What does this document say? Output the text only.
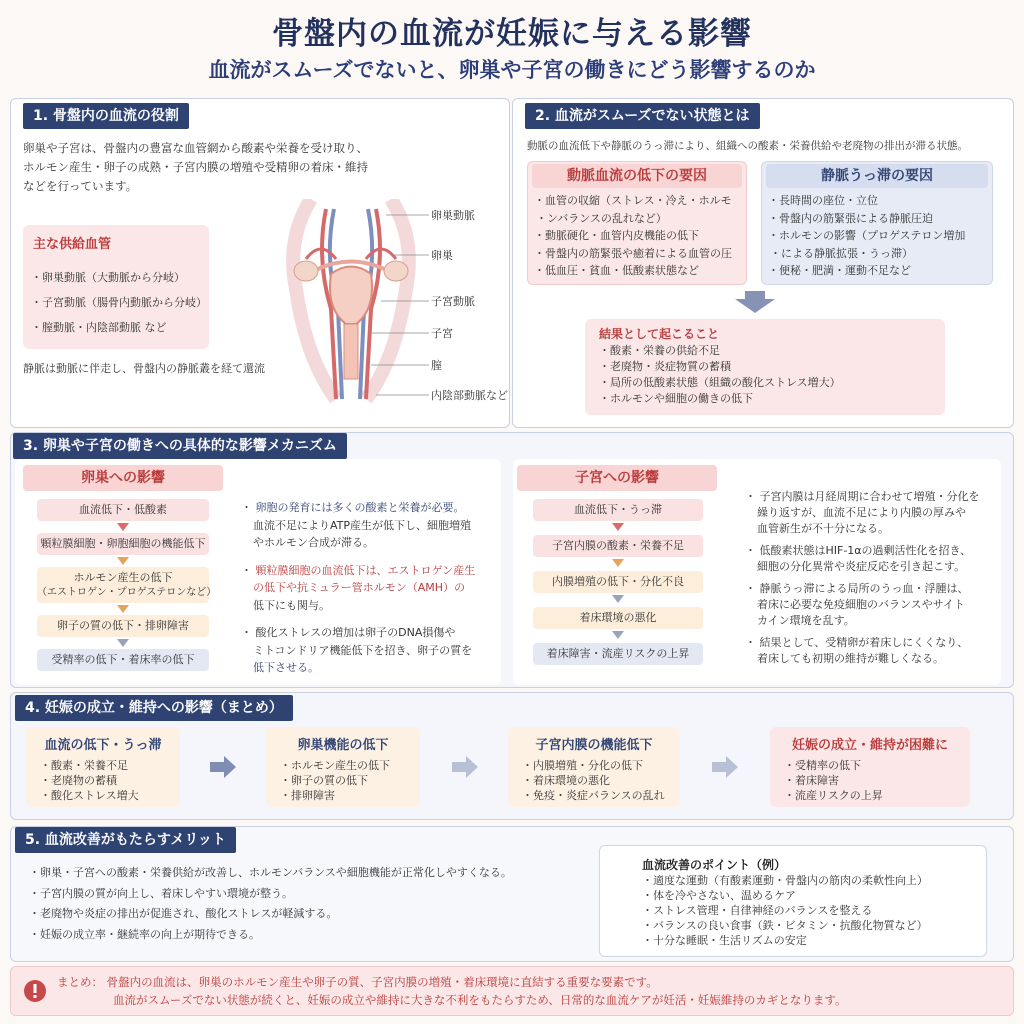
骨盤内の血流が妊娠に与える影響
血流がスムーズでないと、卵巣や子宮の働きにどう影響するのか
1. 骨盤内の血流の役割
卵巣や子宮は、骨盤内の豊富な血管網から酸素や栄養を受け取り、
ホルモン産生・卵子の成熟・子宮内膜の増殖や受精卵の着床・維持
などを行っています。
主な供給血管
・ 卵巣動脈（大動脈から分岐）
・ 子宮動脈（腸骨内動脈から分岐）
・ 膣動脈・内陰部動脈 など
静脈は動脈に伴走し、骨盤内の静脈叢を経て還流
卵巣動脈
卵巣
子宮動脈
子宮
膣
内陰部動脈など
2. 血流がスムーズでない状態とは
動脈の血流低下や静脈のうっ滞により、組織への酸素・栄養供給や老廃物の排出が滞る状態。
動脈血流の低下の要因
・ 血管の収縮（ストレス・冷え・ホルモ
・ ンバランスの乱れなど）
・ 動脈硬化・血管内皮機能の低下
・ 骨盤内の筋緊張や癒着による血管の圧
・ 低血圧・貧血・低酸素状態など
静脈うっ滞の要因
・ 長時間の座位・立位
・ 骨盤内の筋緊張による静脈圧迫
・ ホルモンの影響（プロゲステロン増加
・ による静脈拡張・うっ滞）
・ 便秘・肥満・運動不足など
結果として起こること
・ 酸素・栄養の供給不足
・ 老廃物・炎症物質の蓄積
・ 局所の低酸素状態（組織の酸化ストレス増大）
・ ホルモンや細胞の働きの低下
3. 卵巣や子宮の働きへの具体的な影響メカニズム
卵巣への影響
血流低下・低酸素
顆粒膜細胞・卵胞細胞の機能低下
ホルモン産生の低下
（エストロゲン・プロゲステロンなど）
卵子の質の低下・排卵障害
受精率の低下・着床率の低下
・ 卵胞の発育には多くの酸素と栄養が必要。
血流不足によりATP産生が低下し、細胞増殖
やホルモン合成が滞る。
・ 顆粒膜細胞の血流低下は、エストロゲン産生
の低下や抗ミュラー管ホルモン（AMH）の
低下にも関与。
・ 酸化ストレスの増加は卵子のDNA損傷や
ミトコンドリア機能低下を招き、卵子の質を
低下させる。
子宮への影響
血流低下・うっ滞
子宮内膜の酸素・栄養不足
内膜増殖の低下・分化不良
着床環境の悪化
着床障害・流産リスクの上昇
・ 子宮内膜は月経周期に合わせて増殖・分化を
繰り返すが、血流不足により内膜の厚みや
血管新生が不十分になる。
・ 低酸素状態はHIF-1αの過剰活性化を招き、
細胞の分化異常や炎症反応を引き起こす。
・ 静脈うっ滞による局所のうっ血・浮腫は、
着床に必要な免疫細胞のバランスやサイト
カイン環境を乱す。
・ 結果として、受精卵が着床しにくくなり、
着床しても初期の維持が難しくなる。
4. 妊娠の成立・維持への影響（まとめ）
血流の低下・うっ滞
・ 酸素・栄養不足
・ 老廃物の蓄積
・ 酸化ストレス増大
卵巣機能の低下
・ ホルモン産生の低下
・ 卵子の質の低下
・ 排卵障害
子宮内膜の機能低下
・ 内膜増殖・分化の低下
・ 着床環境の悪化
・ 免疫・炎症バランスの乱れ
妊娠の成立・維持が困難に
・ 受精率の低下
・ 着床障害
・ 流産リスクの上昇
5. 血流改善がもたらすメリット
・ 卵巣・子宮への酸素・栄養供給が改善し、ホルモンバランスや細胞機能が正常化しやすくなる。
・ 子宮内膜の質が向上し、着床しやすい環境が整う。
・ 老廃物や炎症の排出が促進され、酸化ストレスが軽減する。
・ 妊娠の成立率・継続率の向上が期待できる。
血流改善のポイント（例）
・ 適度な運動（有酸素運動・骨盤内の筋肉の柔軟性向上）
・ 体を冷やさない、温めるケア
・ ストレス管理・自律神経のバランスを整える
・ バランスの良い食事（鉄・ビタミン・抗酸化物質など）
・ 十分な睡眠・生活リズムの安定
まとめ： 骨盤内の血流は、卵巣のホルモン産生や卵子の質、子宮内膜の増殖・着床環境に直結する重要な要素です。
血流がスムーズでない状態が続くと、妊娠の成立や維持に大きな不利をもたらすため、日常的な血流ケアが妊活・妊娠維持のカギとなります。
